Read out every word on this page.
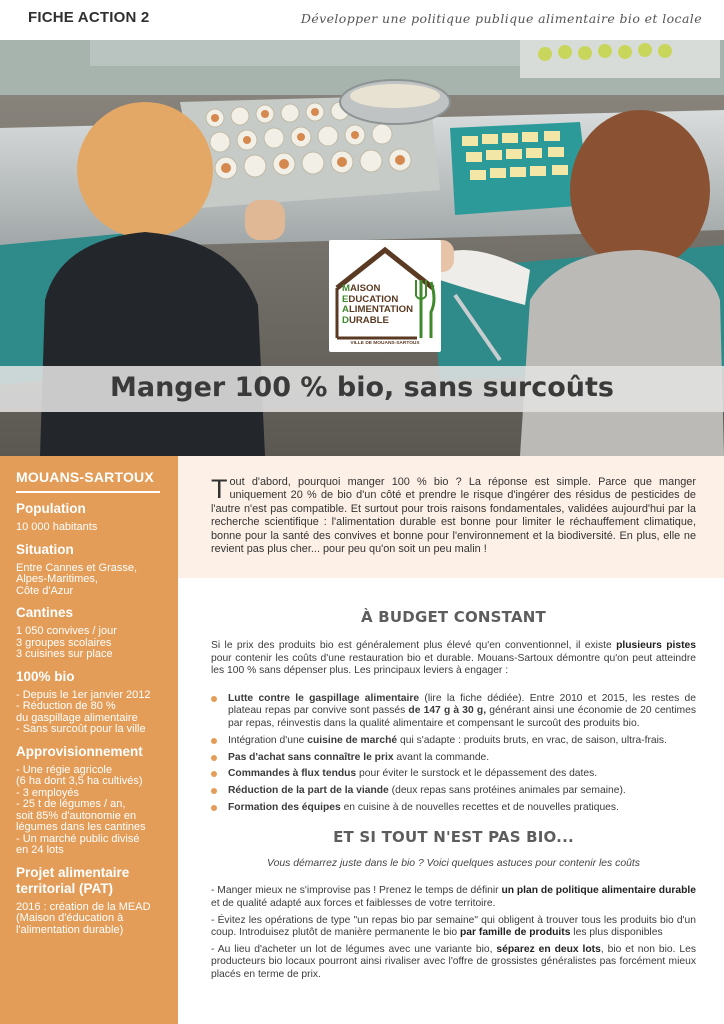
FICHE ACTION 2	Développer une politique publique alimentaire bio et locale
MAISON
EDUCATION
ALIMENTATION
DURABLE
VILLE DE MOUANS-SARTOUX
Manger 100 % bio, sans surcoûts
MOUANS-SARTOUX
Population
10 000 habitants
Situation
Entre Cannes et Grasse,
Alpes-Maritimes,
Côte d'Azur
Cantines
1 050 convives / jour
3 groupes scolaires
3 cuisines sur place
100% bio
- Depuis le 1er janvier 2012
- Réduction de 80 %
du gaspillage alimentaire
- Sans surcoût pour la ville
Approvisionnement
- Une régie agricole
(6 ha dont 3,5 ha cultivés)
- 3 employés
- 25 t de légumes / an,
soit 85% d'autonomie en
légumes dans les cantines
- Un marché public divisé
en 24 lots
Projet alimentaire
territorial (PAT)
2016 : création de la MEAD
(Maison d'éducation à
l'alimentation durable)

Tout d'abord, pourquoi manger 100 % bio ? La réponse est simple. Parce que manger uniquement 20 % de bio d'un côté et prendre le risque d'ingérer des résidus de pesticides de l'autre n'est pas compatible. Et surtout pour trois raisons fondamentales, validées aujourd'hui par la recherche scientifique : l'alimentation durable est bonne pour limiter le réchauffement climatique, bonne pour la santé des convives et bonne pour l'environnement et la biodiversité. En plus, elle ne revient pas plus cher... pour peu qu'on soit un peu malin !

À BUDGET CONSTANT

Si le prix des produits bio est généralement plus élevé qu'en conventionnel, il existe plusieurs pistes pour contenir les coûts d'une restauration bio et durable. Mouans-Sartoux démontre qu'on peut atteindre les 100 % sans dépenser plus. Les principaux leviers à engager :

Lutte contre le gaspillage alimentaire (lire la fiche dédiée). Entre 2010 et 2015, les restes de plateau repas par convive sont passés de 147 g à 30 g, générant ainsi une économie de 20 centimes par repas, réinvestis dans la qualité alimentaire et compensant le surcoût des produits bio.
Intégration d'une cuisine de marché qui s'adapte : produits bruts, en vrac, de saison, ultra-frais.
Pas d'achat sans connaître le prix avant la commande.
Commandes à flux tendus pour éviter le surstock et le dépassement des dates.
Réduction de la part de la viande (deux repas sans protéines animales par semaine).
Formation des équipes en cuisine à de nouvelles recettes et de nouvelles pratiques.
ET SI TOUT N'EST PAS BIO...
Vous démarrez juste dans le bio ? Voici quelques astuces pour contenir les coûts

- Manger mieux ne s'improvise pas ! Prenez le temps de définir un plan de politique alimentaire durable et de qualité adapté aux forces et faiblesses de votre territoire.

- Évitez les opérations de type "un repas bio par semaine" qui obligent à trouver tous les produits bio d'un coup. Introduisez plutôt de manière permanente le bio par famille de produits les plus disponibles

- Au lieu d'acheter un lot de légumes avec une variante bio, séparez en deux lots, bio et non bio. Les producteurs bio locaux pourront ainsi rivaliser avec l'offre de grossistes généralistes pas forcément mieux placés en terme de prix.
